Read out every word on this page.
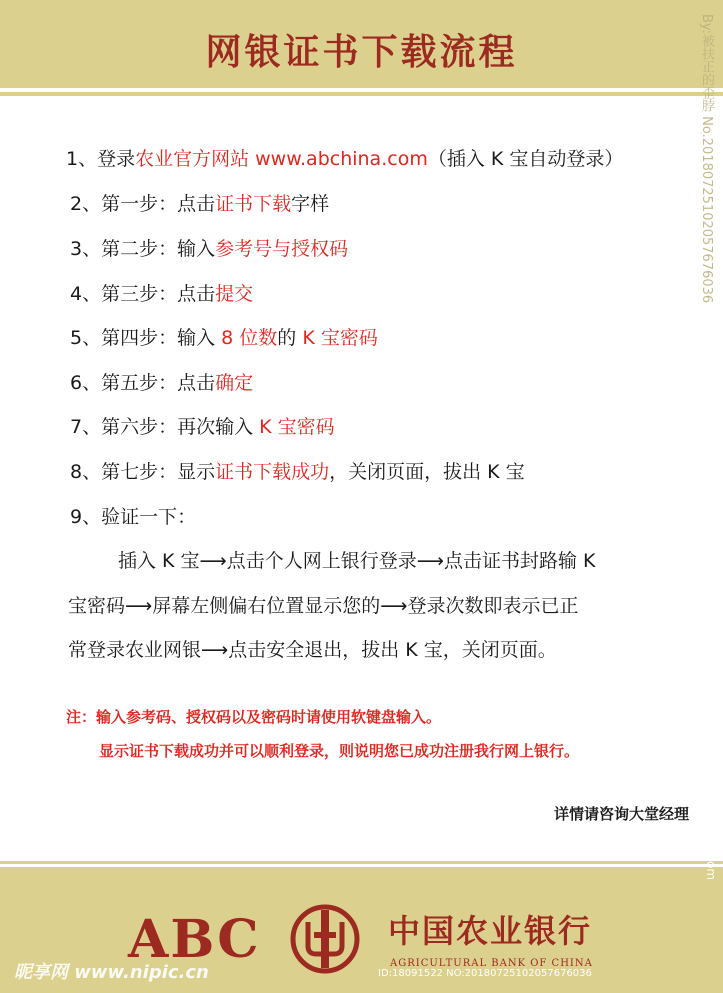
网银证书下载流程	By:被扶正的歪脖 No.20180725102057676036
1、登录农业官方网站 www.abchina.com（插入 K 宝自动登录）
2、第一步：点击证书下载字样
3、第二步：输入参考号与授权码
4、第三步：点击提交
5、第四步：输入 8 位数的 K 宝密码
6、第五步：点击确定
7、第六步：再次输入 K 宝密码
8、第七步：显示证书下载成功，关闭页面，拔出 K 宝
9、验证一下：
插入 K 宝⟶点击个人网上银行登录⟶点击证书封路输 K
宝密码⟶屏幕左侧偏右位置显示您的⟶登录次数即表示已正
常登录农业网银⟶点击安全退出，拔出 K 宝，关闭页面。
注：输入参考码、授权码以及密码时请使用软键盘输入。
显示证书下载成功并可以顺利登录，则说明您已成功注册我行网上银行。
详情请咨询大堂经理
ABC	中国农业银行
AGRICULTURAL BANK OF CHINA
昵享网 www.nipic.cn	ID:18091522 NO:20180725102057676036
www.nipic.com
